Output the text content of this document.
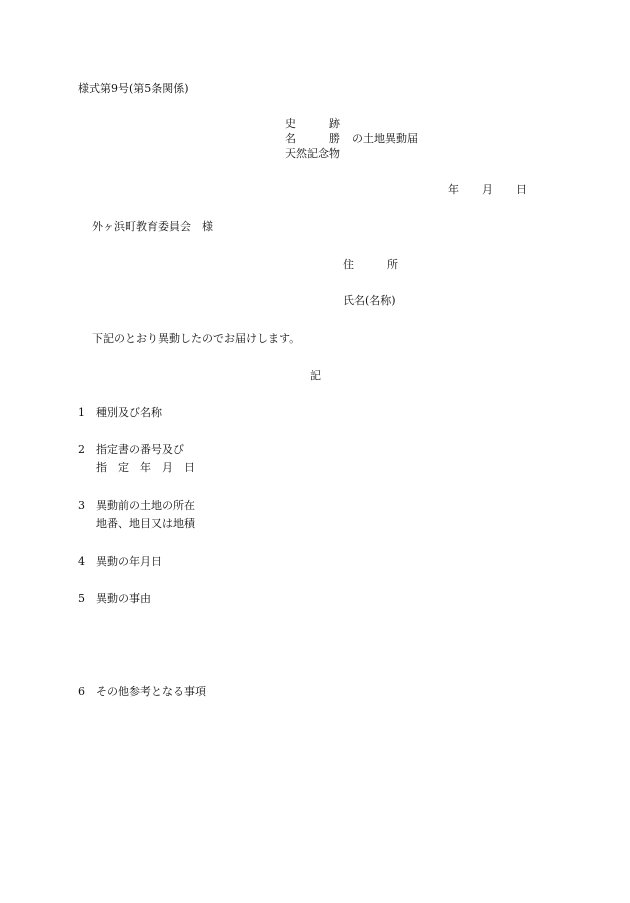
様式第9号(第5条関係)
史　　　跡
名　　　勝 の土地異動届
天然記念物
年 月 日
外ヶ浜町教育委員会　様
住　　　所
氏名(名称)
下記のとおり異動したのでお届けします。
記
1 種別及び名称
2 指定書の番号及び
指　定　年　月　日
3 異動前の土地の所在
地番、地目又は地積
4 異動の年月日
5 異動の事由
6 その他参考となる事項
